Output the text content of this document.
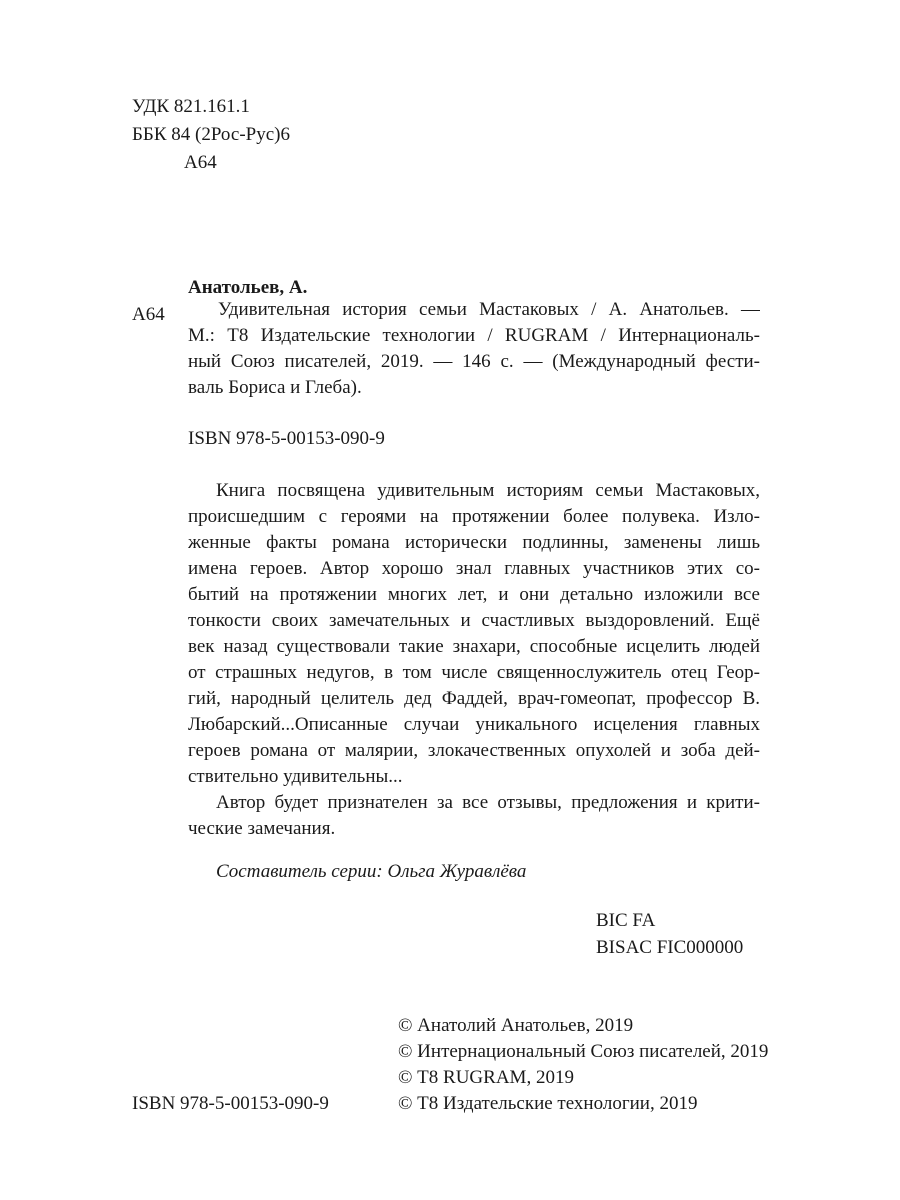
УДК 821.161.1
ББК 84 (2Рос-Рус)6
А64
Анатольев, А.
А64	Удивительная история семьи Мастаковых / А. Анатольев. —
М.: Т8 Издательские технологии / RUGRAM / Интернациональ-
ный Союз писателей, 2019. — 146 с. — (Международный фести-
валь Бориса и Глеба).
ISBN 978-5-00153-090-9
Книга посвящена удивительным историям семьи Мастаковых,
происшедшим с героями на протяжении более полувека. Изло-
женные факты романа исторически подлинны, заменены лишь
имена героев. Автор хорошо знал главных участников этих со-
бытий на протяжении многих лет, и они детально изложили все
тонкости своих замечательных и счастливых выздоровлений. Ещё
век назад существовали такие знахари, способные исцелить людей
от страшных недугов, в том числе священнослужитель отец Геор-
гий, народный целитель дед Фаддей, врач-гомеопат, профессор В.
Любарский...Описанные случаи уникального исцеления главных
героев романа от малярии, злокачественных опухолей и зоба дей-
ствительно удивительны...
Автор будет признателен за все отзывы, предложения и крити-
ческие замечания.
Составитель серии: Ольга Журавлёва
BIC FA
BISAC FIC000000
© Анатолий Анатольев, 2019
© Интернациональный Союз писателей, 2019
© Т8 RUGRAM, 2019
© Т8 Издательские технологии, 2019
ISBN 978-5-00153-090-9
